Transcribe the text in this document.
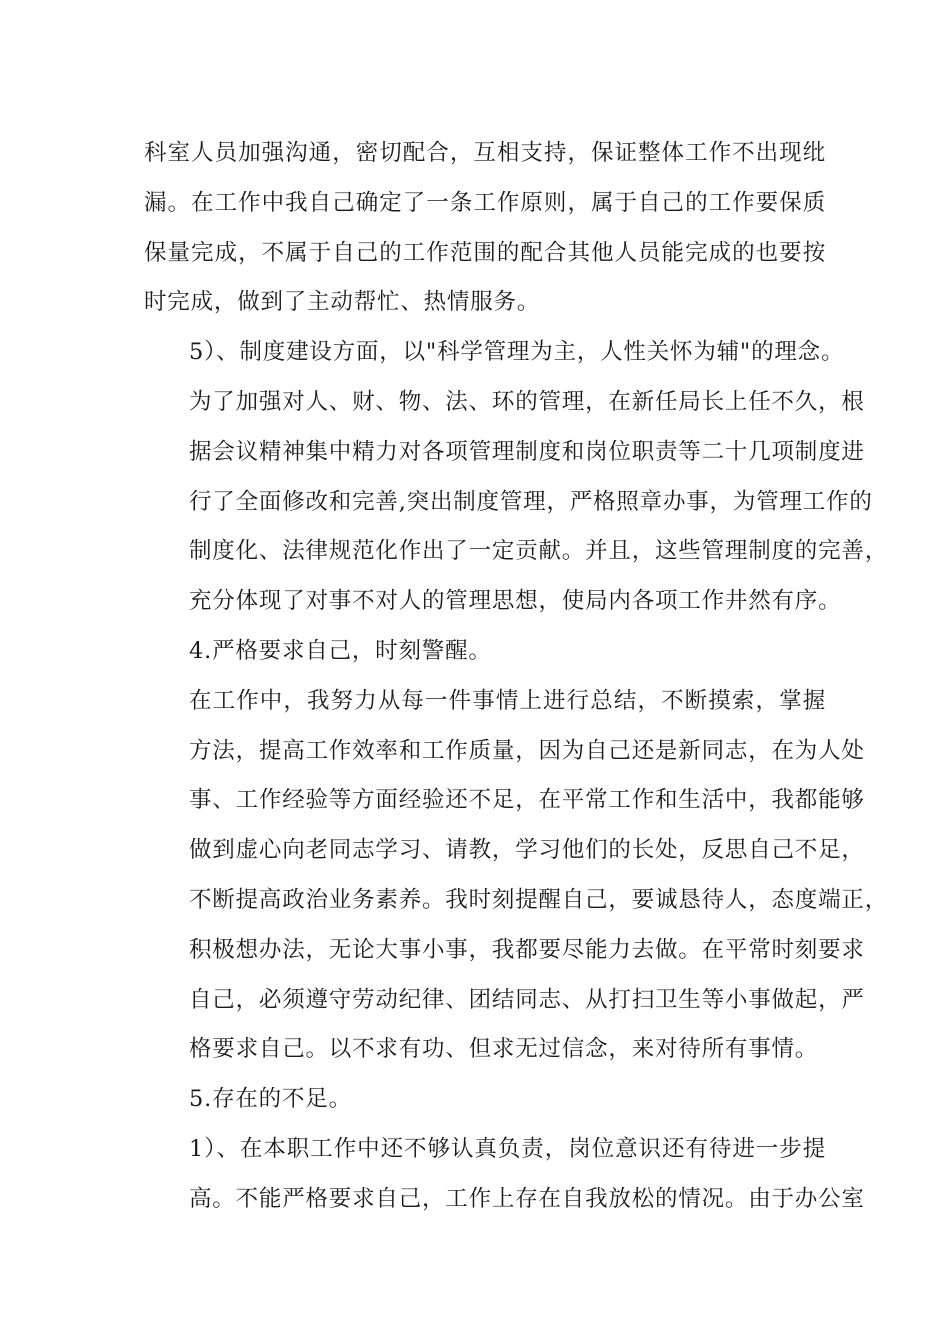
科室人员加强沟通，密切配合，互相支持，保证整体工作不出现纰
漏。在工作中我自己确定了一条工作原则，属于自己的工作要保质
保量完成，不属于自己的工作范围的配合其他人员能完成的也要按
时完成，做到了主动帮忙、热情服务。
5）、制度建设方面，以"科学管理为主，人性关怀为辅"的理念。
为了加强对人、财、物、法、环的管理，在新任局长上任不久，根
据会议精神集中精力对各项管理制度和岗位职责等二十几项制度进
行了全面修改和完善,突出制度管理，严格照章办事，为管理工作的
制度化、法律规范化作出了一定贡献。并且，这些管理制度的完善，
充分体现了对事不对人的管理思想，使局内各项工作井然有序。
4.严格要求自己，时刻警醒。
在工作中，我努力从每一件事情上进行总结，不断摸索，掌握
方法，提高工作效率和工作质量，因为自己还是新同志，在为人处
事、工作经验等方面经验还不足，在平常工作和生活中，我都能够
做到虚心向老同志学习、请教，学习他们的长处，反思自己不足，
不断提高政治业务素养。我时刻提醒自己，要诚恳待人，态度端正，
积极想办法，无论大事小事，我都要尽能力去做。在平常时刻要求
自己，必须遵守劳动纪律、团结同志、从打扫卫生等小事做起，严
格要求自己。以不求有功、但求无过信念，来对待所有事情。
5.存在的不足。
1）、在本职工作中还不够认真负责，岗位意识还有待进一步提
高。不能严格要求自己，工作上存在自我放松的情况。由于办公室
